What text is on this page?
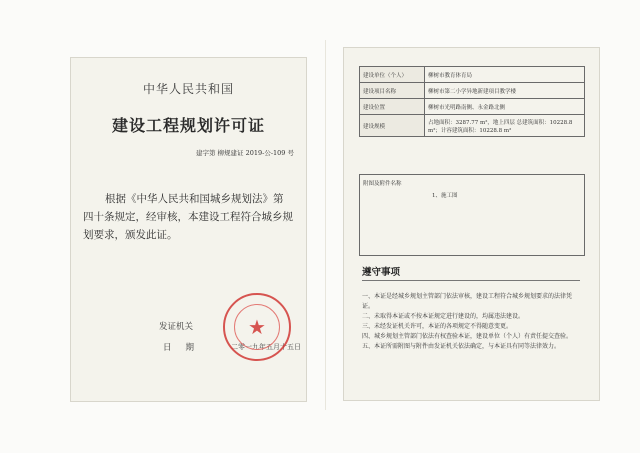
中华人民共和国
建设工程规划许可证
建字第 柳规建证 2019-公-109 号
根据《中华人民共和国城乡规划法》第四十条规定，经审核，本建设工程符合城乡规划要求，颁发此证。
发证机关
日期	二零一九年五月十五日
★
建设单位（个人）	柳树市教育体育局
建设项目名称	柳树市第二小学异地新建项目教学楼
建设位置	柳树市光明路南侧、永金路北侧
建设规模	占地面积：3287.77 m²，地上四层 总建筑面积：10228.8 m²；计容建筑面积：10228.8 m²
附图及附件名称
1、施工图
遵守事项
一、本证是经城乡规划主管部门依法审核，建设工程符合城乡规划要求的法律凭证。
二、未取得本证或不按本证规定进行建设的，均属违法建设。
三、未经发证机关许可，本证的各项规定不得随意变更。
四、城乡规划主管部门依法有权查验本证，建设单位（个人）有责任提交查验。
五、本证所需附图与附件由发证机关依法确定，与本证具有同等法律效力。
